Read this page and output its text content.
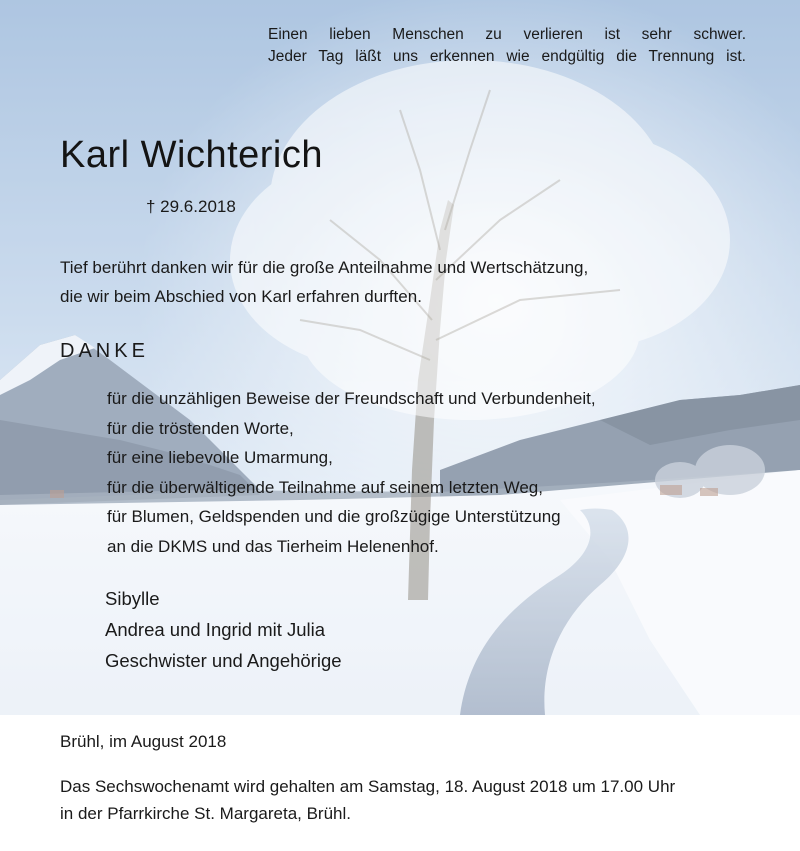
Einen lieben Menschen zu verlieren ist sehr schwer.
Jeder Tag läßt uns erkennen wie endgültig die Trennung ist.
Karl Wichterich

† 29.6.2018

Tief berührt danken wir für die große Anteilnahme und Wertschätzung,
die wir beim Abschied von Karl erfahren durften.
DANKE
für die unzähligen Beweise der Freundschaft und Verbundenheit,
für die tröstenden Worte,
für eine liebevolle Umarmung,
für die überwältigende Teilnahme auf seinem letzten Weg,
für Blumen, Geldspenden und die großzügige Unterstützung
an die DKMS und das Tierheim Helenenhof.
Sibylle
Andrea und Ingrid mit Julia
Geschwister und Angehörige

Brühl, im August 2018

Das Sechswochenamt wird gehalten am Samstag, 18. August 2018 um 17.00 Uhr
in der Pfarrkirche St. Margareta, Brühl.
